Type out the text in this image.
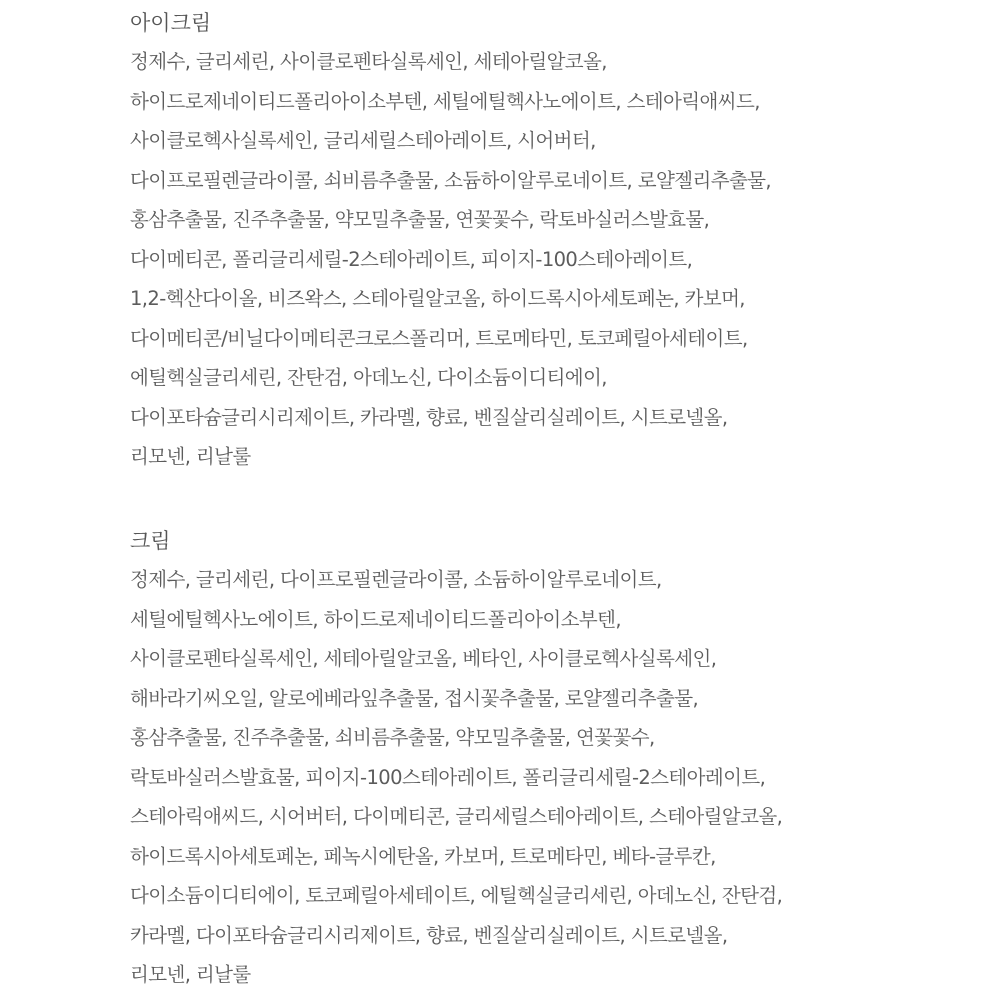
아이크림
정제수, 글리세린, 사이클로펜타실록세인, 세테아릴알코올,
하이드로제네이티드폴리아이소부텐, 세틸에틸헥사노에이트, 스테아릭애씨드,
사이클로헥사실록세인, 글리세릴스테아레이트, 시어버터,
다이프로필렌글라이콜, 쇠비름추출물, 소듐하이알루로네이트, 로얄젤리추출물,
홍삼추출물, 진주추출물, 약모밀추출물, 연꽃꽃수, 락토바실러스발효물,
다이메티콘, 폴리글리세릴-2스테아레이트, 피이지-100스테아레이트,
1,2-헥산다이올, 비즈왁스, 스테아릴알코올, 하이드록시아세토페논, 카보머,
다이메티콘/비닐다이메티콘크로스폴리머, 트로메타민, 토코페릴아세테이트,
에틸헥실글리세린, 잔탄검, 아데노신, 다이소듐이디티에이,
다이포타슘글리시리제이트, 카라멜, 향료, 벤질살리실레이트, 시트로넬올,
리모넨, 리날룰
크림
정제수, 글리세린, 다이프로필렌글라이콜, 소듐하이알루로네이트,
세틸에틸헥사노에이트, 하이드로제네이티드폴리아이소부텐,
사이클로펜타실록세인, 세테아릴알코올, 베타인, 사이클로헥사실록세인,
해바라기씨오일, 알로에베라잎추출물, 접시꽃추출물, 로얄젤리추출물,
홍삼추출물, 진주추출물, 쇠비름추출물, 약모밀추출물, 연꽃꽃수,
락토바실러스발효물, 피이지-100스테아레이트, 폴리글리세릴-2스테아레이트,
스테아릭애씨드, 시어버터, 다이메티콘, 글리세릴스테아레이트, 스테아릴알코올,
하이드록시아세토페논, 페녹시에탄올, 카보머, 트로메타민, 베타-글루칸,
다이소듐이디티에이, 토코페릴아세테이트, 에틸헥실글리세린, 아데노신, 잔탄검,
카라멜, 다이포타슘글리시리제이트, 향료, 벤질살리실레이트, 시트로넬올,
리모넨, 리날룰
